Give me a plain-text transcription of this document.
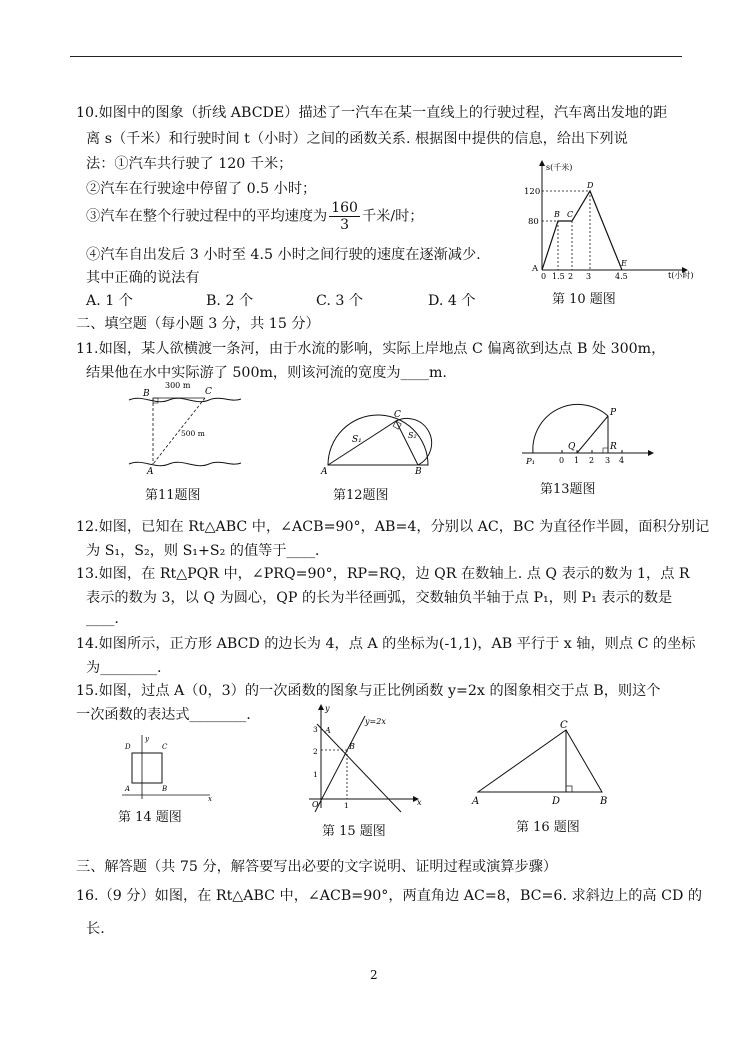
10.如图中的图象（折线 ABCDE）描述了一汽车在某一直线上的行驶过程，汽车离出发地的距
离 s（千米）和行驶时间 t（小时）之间的函数关系. 根据图中提供的信息，给出下列说
法：①汽车共行驶了 120 千米；
②汽车在行驶途中停留了 0.5 小时；
③汽车在整个行驶过程中的平均速度为 $\frac{160}{3}$ 千米/时；
④汽车自出发后 3 小时至 4.5 小时之间行驶的速度在逐渐减少.
其中正确的说法有
A. 1 个	B. 2 个	C. 3 个	D. 4 个
s(千米)
t(小时)
120
80
A
0 1.5 2 3	4.5
B C
D
E
第 10 题图
二、填空题（每小题 3 分，共 15 分）
11.如图，某人欲横渡一条河，由于水流的影响，实际上岸地点 C 偏离欲到达点 B 处 300m，
结果他在水中实际游了 500m，则该河流的宽度为____m.
300 m
500 m
B	C
A
第11题图
A	B
C
S₁	S₂
第12题图
P
Q	R
P₁	0 1 2 3 4
第13题图
12.如图，已知在 Rt△ABC 中，∠ACB=90°，AB=4，分别以 AC，BC 为直径作半圆，面积分别记
为 S₁，S₂，则 S₁+S₂ 的值等于____.
13.如图，在 Rt△PQR 中，∠PRQ=90°，RP=RQ，边 QR 在数轴上. 点 Q 表示的数为 1，点 R
表示的数为 3，以 Q 为圆心，QP 的长为半径画弧，交数轴负半轴于点 P₁，则 P₁ 表示的数是
____.
14.如图所示，正方形 ABCD 的边长为 4，点 A 的坐标为(-1,1)，AB 平行于 x 轴，则点 C 的坐标
为________.
15.如图，过点 A（0，3）的一次函数的图象与正比例函数 y=2x 的图象相交于点 B，则这个
一次函数的表达式________.
y
x
D	C
A	B
第 14 题图
y
x
O
A
B
y=2x
3
2
1
1
第 15 题图
A	B
C
D
第 16 题图
三、解答题（共 75 分，解答要写出必要的文字说明、证明过程或演算步骤）
16.（9 分）如图，在 Rt△ABC 中，∠ACB=90°，两直角边 AC=8，BC=6. 求斜边上的高 CD 的
长.
2
